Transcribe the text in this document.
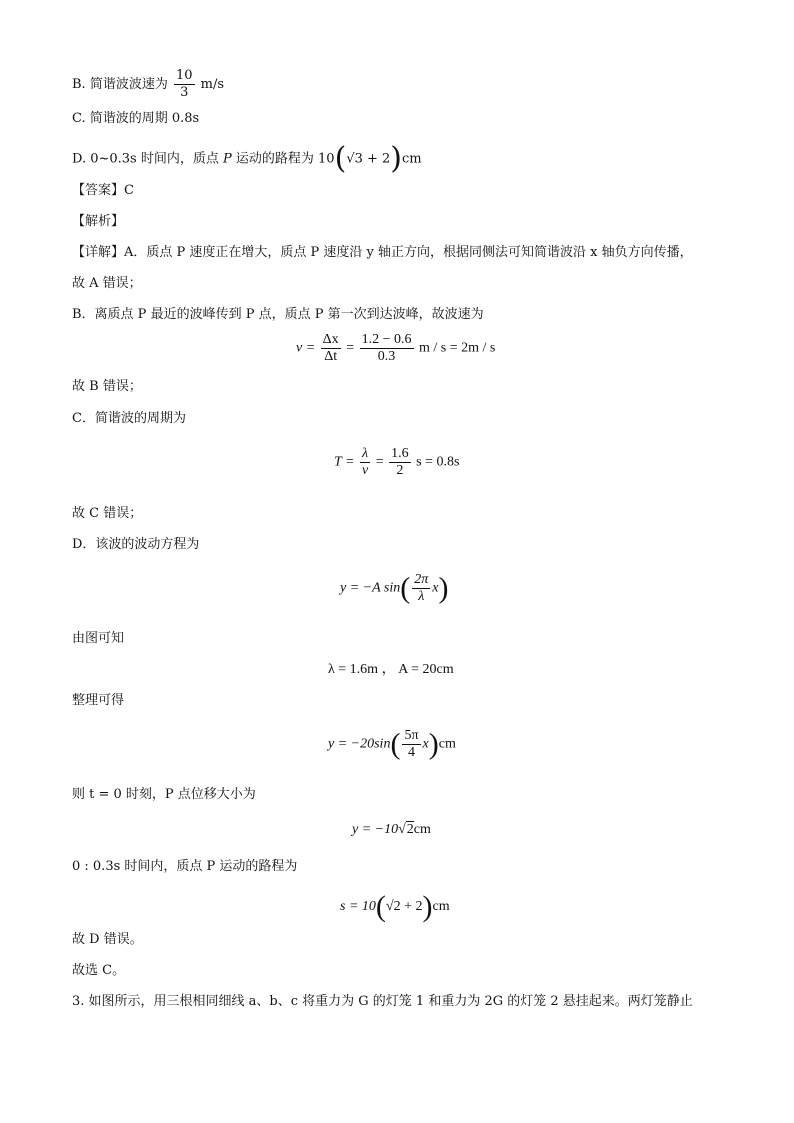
B. 简谐波波速为 $\frac{10}{3} m/s$
C. 简谐波的周期 0.8s
D. 0~0.3s 时间内，质点 P 运动的路程为 10(√3 + 2)cm
【答案】C
【解析】
【详解】A．质点 P 速度正在增大，质点 P 速度沿 y 轴正方向，根据同侧法可知简谐波沿 x 轴负方向传播，
故 A 错误；
B．离质点 P 最近的波峰传到 P 点，质点 P 第一次到达波峰，故波速为
$v = \frac{\Delta x}{\Delta t} = \frac{1.2 - 0.6}{0.3}$ m / s = 2m / s
故 B 错误；
C．简谐波的周期为
$T = \frac{\lambda}{v} = \frac{1.6}{2}$ s = 0.8s
故 C 错误；
D．该波的波动方程为
y = −A $\sin( \frac{2\pi}{\lambda} x)$
由图可知
λ = 1.6m ， A = 20cm
整理可得
$y = -20\sin( \frac{5\pi}{4} x)cm$
则 t = 0 时刻，P 点位移大小为
y = −10√2cm
0 : 0.3s 时间内，质点 P 运动的路程为
s = 10(√2 + 2)cm
故 D 错误。
故选 C。
3. 如图所示，用三根相同细线 a、b、c 将重力为 G 的灯笼 1 和重力为 2G 的灯笼 2 悬挂起来。两灯笼静止
